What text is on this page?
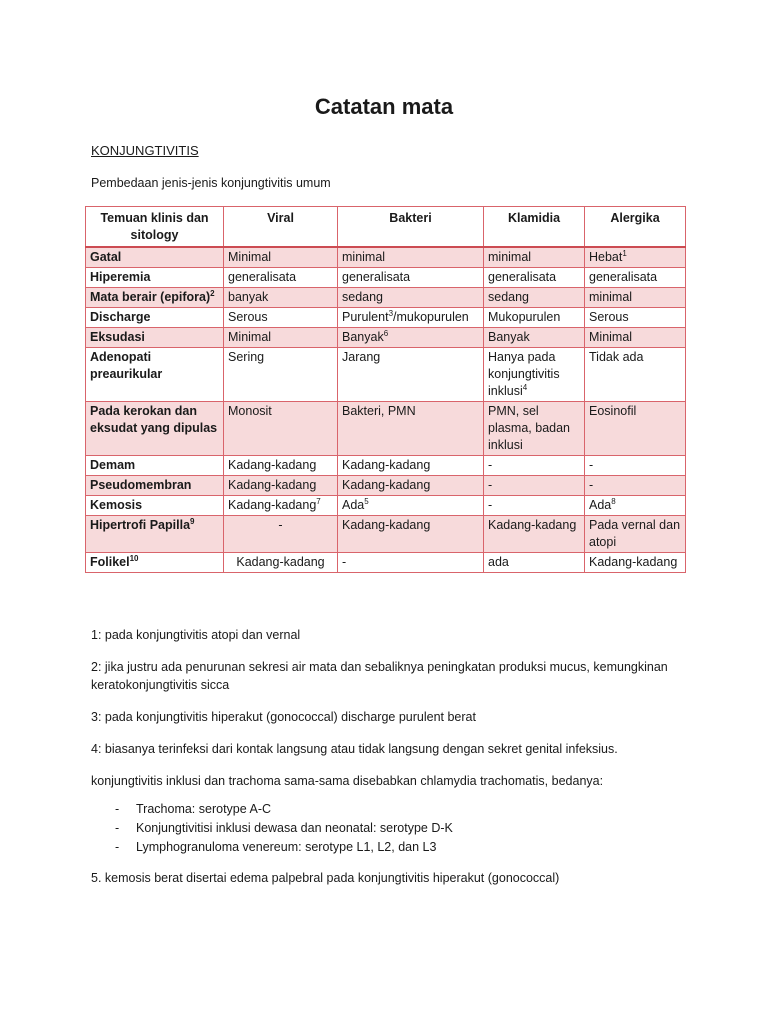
Catatan mata

KONJUNGTIVITIS

Pembedaan jenis-jenis konjungtivitis umum

Temuan klinis dan sitology	Viral	Bakteri	Klamidia	Alergika
Gatal	Minimal	minimal	minimal	Hebat$^1$
Hiperemia	generalisata	generalisata	generalisata	generalisata
Mata berair (epifora)$^2$	banyak	sedang	sedang	minimal
Discharge	Serous	Purulent$^3$/mukopurulen	Mukopurulen	Serous
Eksudasi	Minimal	Banyak$^6$	Banyak	Minimal
Adenopati preaurikular	Sering	Jarang	Hanya pada konjungtivitis inklusi$^4$	Tidak ada
Pada kerokan dan eksudat yang dipulas	Monosit	Bakteri, PMN	PMN, sel plasma, badan inklusi	Eosinofil
Demam	Kadang-kadang	Kadang-kadang	-	-
Pseudomembran	Kadang-kadang	Kadang-kadang	-	-
Kemosis	Kadang-kadang$^7$	Ada$^5$	-	Ada$^8$
Hipertrofi Papilla$^9$	-	Kadang-kadang	Kadang-kadang	Pada vernal dan atopi
Folikel$^{10}$	Kadang-kadang	-	ada	Kadang-kadang

1: pada konjungtivitis atopi dan vernal

2: jika justru ada penurunan sekresi air mata dan sebaliknya peningkatan produksi mucus, kemungkinan keratokonjungtivitis sicca

3: pada konjungtivitis hiperakut (gonococcal) discharge purulent berat

4: biasanya terinfeksi dari kontak langsung atau tidak langsung dengan sekret genital infeksius.

konjungtivitis inklusi dan trachoma sama-sama disebabkan chlamydia trachomatis, bedanya:

- Trachoma: serotype A-C
- Konjungtivitisi inklusi dewasa dan neonatal: serotype D-K
- Lymphogranuloma venereum: serotype L1, L2, dan L3

5. kemosis berat disertai edema palpebral pada konjungtivitis hiperakut (gonococcal)
